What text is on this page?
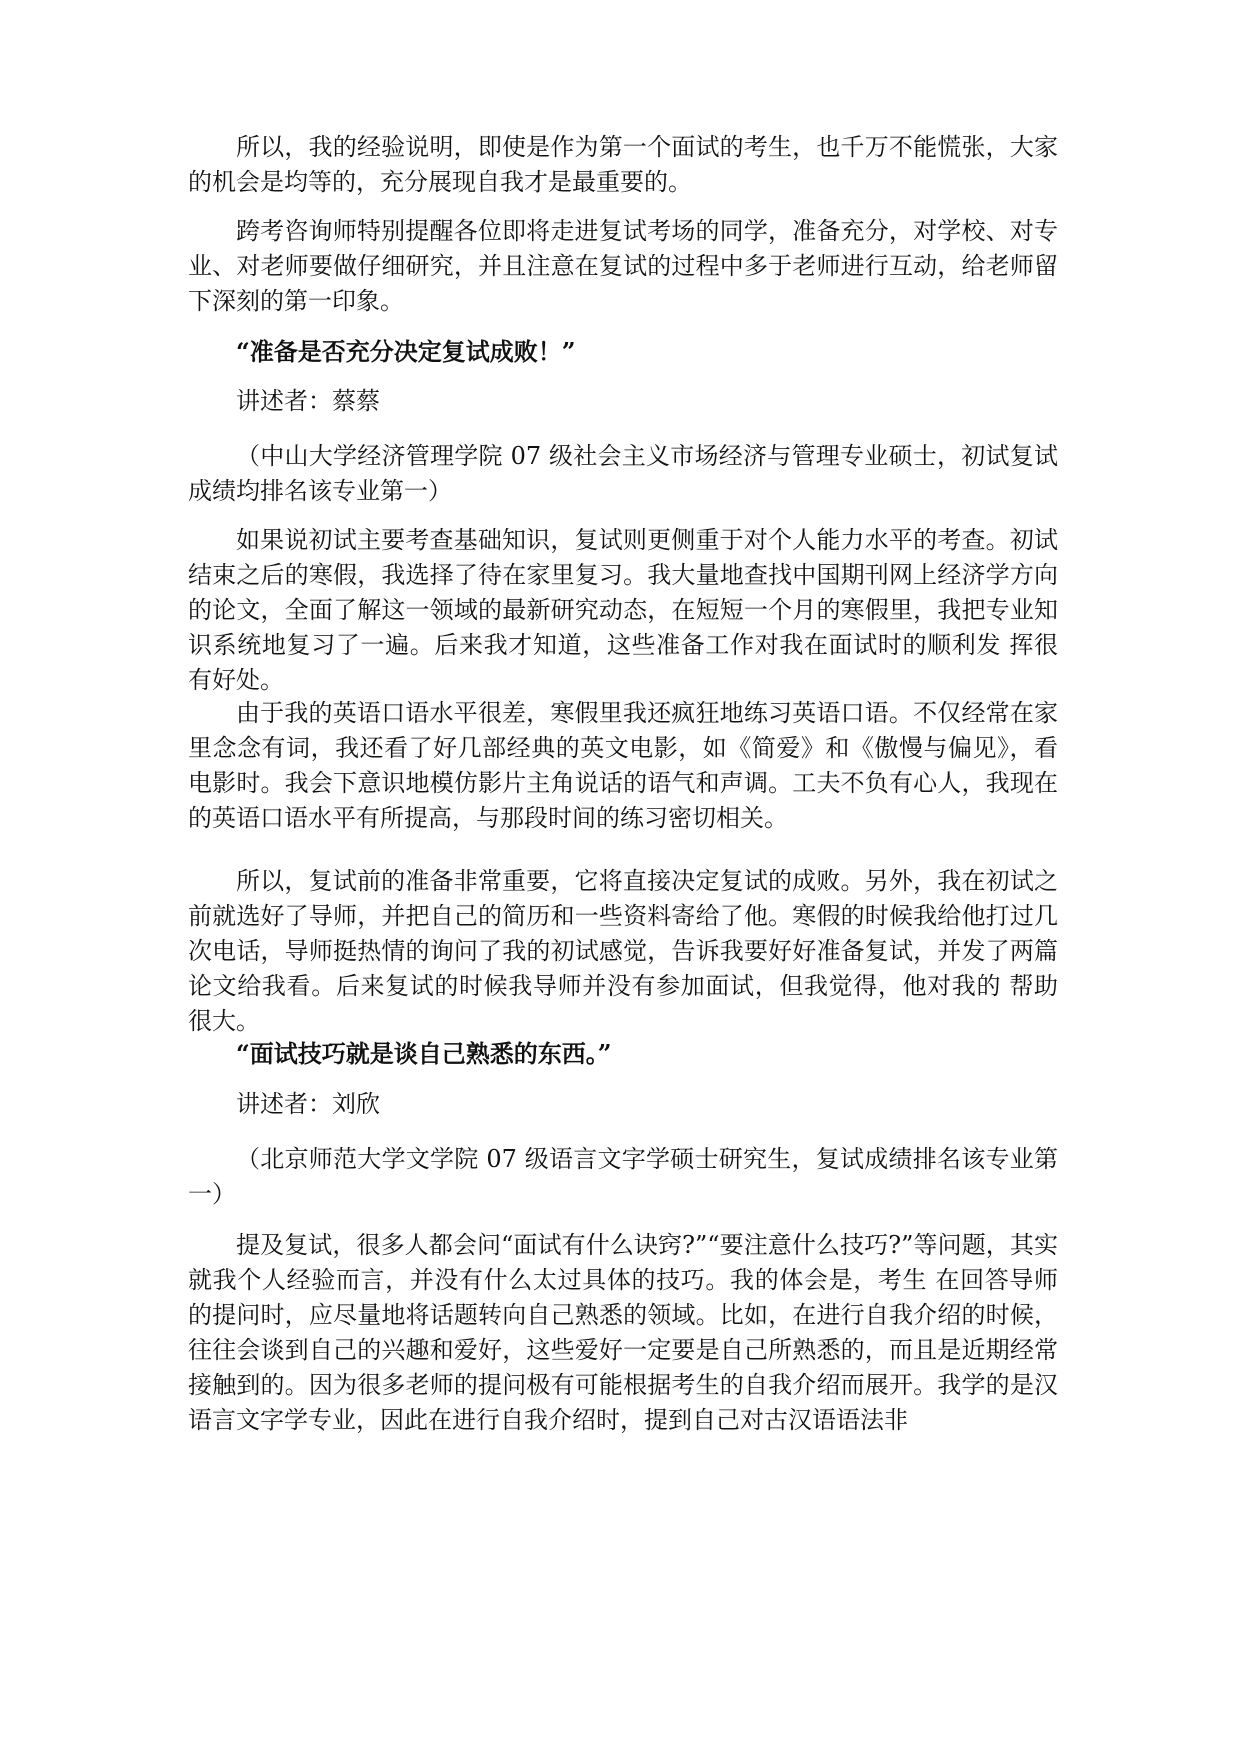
所以，我的经验说明，即使是作为第一个面试的考生，也千万不能慌张，大家的机会是均等的，充分展现自我才是最重要的。

跨考咨询师特别提醒各位即将走进复试考场的同学，准备充分，对学校、对专业、对老师要做仔细研究，并且注意在复试的过程中多于老师进行互动，给老师留下深刻的第一印象。

“准备是否充分决定复试成败！”

讲述者：蔡蔡

（中山大学经济管理学院 07 级社会主义市场经济与管理专业硕士，初试复试成绩均排名该专业第一）

如果说初试主要考查基础知识，复试则更侧重于对个人能力水平的考查。初试结束之后的寒假，我选择了待在家里复习。我大量地查找中国期刊网上经济学方向的论文，全面了解这一领域的最新研究动态，在短短一个月的寒假里，我把专业知识系统地复习了一遍。后来我才知道，这些准备工作对我在面试时的顺利发 挥很有好处。

由于我的英语口语水平很差，寒假里我还疯狂地练习英语口语。不仅经常在家里念念有词，我还看了好几部经典的英文电影，如《简爱》和《傲慢与偏见》，看电影时。我会下意识地模仿影片主角说话的语气和声调。工夫不负有心人，我现在的英语口语水平有所提高，与那段时间的练习密切相关。

所以，复试前的准备非常重要，它将直接决定复试的成败。另外，我在初试之前就选好了导师，并把自己的简历和一些资料寄给了他。寒假的时候我给他打过几次电话，导师挺热情的询问了我的初试感觉，告诉我要好好准备复试，并发了两篇论文给我看。后来复试的时候我导师并没有参加面试，但我觉得，他对我的 帮助很大。

“面试技巧就是谈自己熟悉的东西。”

讲述者：刘欣

（北京师范大学文学院 07 级语言文字学硕士研究生，复试成绩排名该专业第一）

提及复试，很多人都会问“面试有什么诀窍?”“要注意什么技巧?”等问题，其实就我个人经验而言，并没有什么太过具体的技巧。我的体会是，考生 在回答导师的提问时，应尽量地将话题转向自己熟悉的领域。比如，在进行自我介绍的时候，往往会谈到自己的兴趣和爱好，这些爱好一定要是自己所熟悉的，而且是近期经常接触到的。因为很多老师的提问极有可能根据考生的自我介绍而展开。我学的是汉语言文字学专业，因此在进行自我介绍时，提到自己对古汉语语法非
